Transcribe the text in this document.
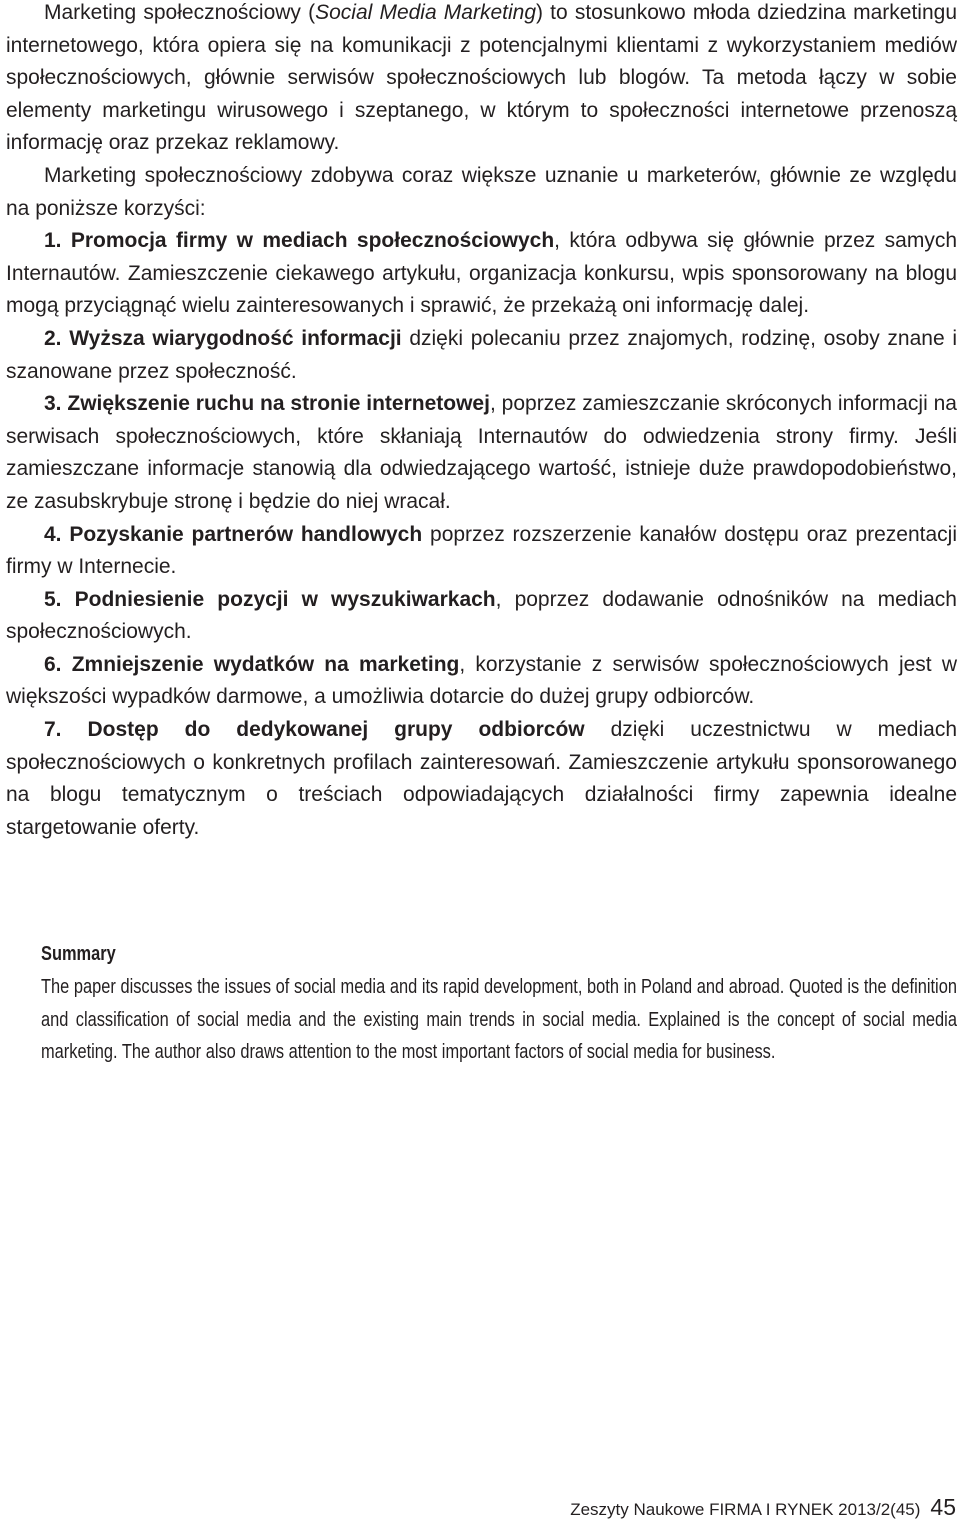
Marketing społecznościowy (Social Media Marketing) to stosunkowo młoda dziedzina marketingu internetowego, która opiera się na komunikacji z potencjalnymi klientami z wykorzystaniem mediów społecznościowych, głównie serwisów społecznościowych lub blogów. Ta metoda łączy w sobie elementy marketingu wirusowego i szeptanego, w którym to społeczności internetowe przenoszą informację oraz przekaz reklamowy.

Marketing społecznościowy zdobywa coraz większe uznanie u marketerów, głównie ze względu na poniższe korzyści:

1. Promocja firmy w mediach społecznościowych, która odbywa się głównie przez samych Internautów. Zamieszczenie ciekawego artykułu, organizacja konkursu, wpis sponsorowany na blogu mogą przyciągnąć wielu zainteresowanych i sprawić, że przekażą oni informację dalej.

2. Wyższa wiarygodność informacji dzięki polecaniu przez znajomych, rodzinę, osoby znane i szanowane przez społeczność.

3. Zwiększenie ruchu na stronie internetowej, poprzez zamieszczanie skróconych informacji na serwisach społecznościowych, które skłaniają Internautów do odwiedzenia strony firmy. Jeśli zamieszczane informacje stanowią dla odwiedzającego wartość, istnieje duże prawdopodobieństwo, ze zasubskrybuje stronę i będzie do niej wracał.

4. Pozyskanie partnerów handlowych poprzez rozszerzenie kanałów dostępu oraz prezentacji firmy w Internecie.

5. Podniesienie pozycji w wyszukiwarkach, poprzez dodawanie odnośników na mediach społecznościowych.

6. Zmniejszenie wydatków na marketing, korzystanie z serwisów społecznościowych jest w większości wypadków darmowe, a umożliwia dotarcie do dużej grupy odbiorców.

7. Dostęp do dedykowanej grupy odbiorców dzięki uczestnictwu w mediach społecznościowych o konkretnych profilach zainteresowań. Zamieszczenie artykułu sponsorowanego na blogu tematycznym o treściach odpowiadających działalności firmy zapewnia idealne stargetowanie oferty.

Summary

The paper discusses the issues of social media and its rapid development, both in Poland and abroad. Quoted is the definition and classification of social media and the existing main trends in social media. Explained is the concept of social media marketing. The author also draws attention to the most important factors of social media for business.

Zeszyty Naukowe FIRMA I RYNEK 2013/2(45) 45
